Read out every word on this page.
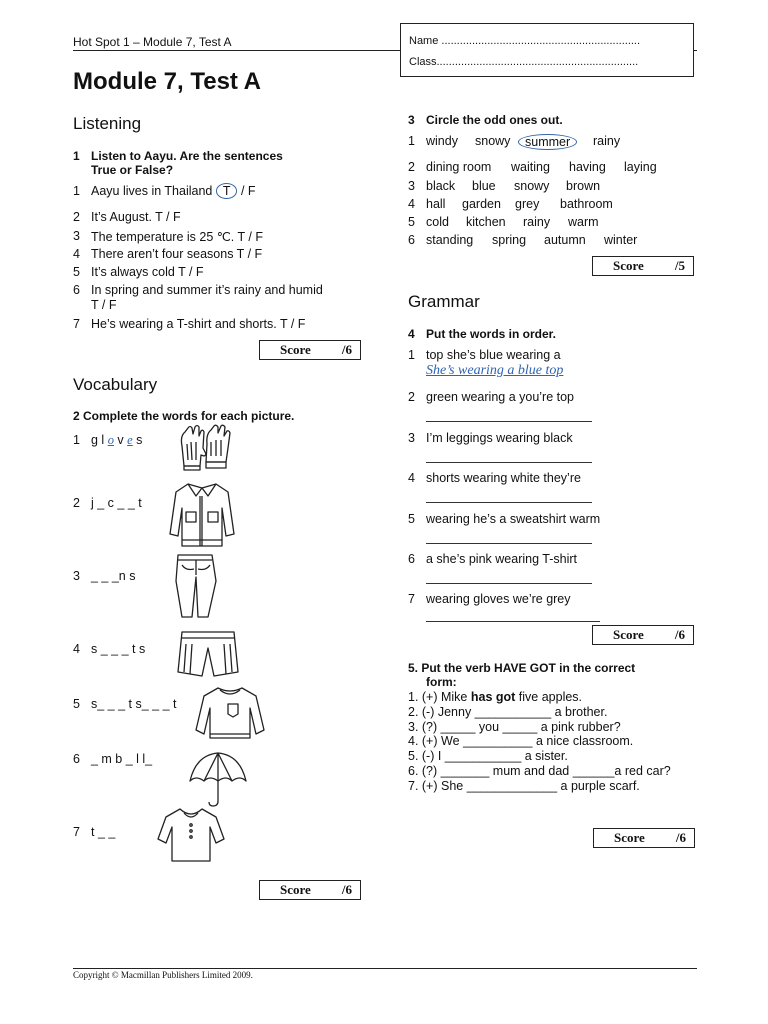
Hot Spot 1 – Module 7, Test A	Name .................................................................
Class..................................................................
Module 7, Test A
Listening
1 Listen to Aayu. Are the sentences
True or False?
1 Aayu lives in Thailand T / F
2 It’s August. T / F
3 The temperature is 25 ℃. T / F
4 There aren’t four seasons T / F
5 It’s always cold T / F
6 In spring and summer it’s rainy and humid
T / F
7 He’s wearing a T-shirt and shorts. T / F
Score /6
Vocabulary
2 Complete the words for each picture.
1 g l o v e s
2 j _ c _ _ t
3 _ _ _n s
4 s _ _ _ t s
5 s_ _ _ t s_ _ _ t
6 _ m b _ l l_
7 t _ _
Score /6
3 Circle the odd ones out.
1 windy snowy	summer	rainy
2 dining room waiting having laying
3 black blue snowy brown
4 hall garden grey bathroom
5 cold kitchen rainy warm
6 standing spring autumn winter
Score /5
Grammar
4 Put the words in order.
1 top she’s blue wearing a
She’s wearing a blue top
2 green wearing a you’re top
3 I’m leggings wearing black
4 shorts wearing white they’re
5 wearing he’s a sweatshirt warm
6 a she’s pink wearing T-shirt
7 wearing gloves we’re grey
Score /6
5. Put the verb HAVE GOT in the correct
form:
1. (+) Mike has got five apples.
2. (-) Jenny ___________ a brother.
3. (?) _____ you _____ a pink rubber?
4. (+) We __________ a nice classroom.
5. (-) I ___________ a sister.
6. (?) _______ mum and dad ______a red car?
7. (+) She _____________ a purple scarf.
Score /6
Copyright © Macmillan Publishers Limited 2009.
